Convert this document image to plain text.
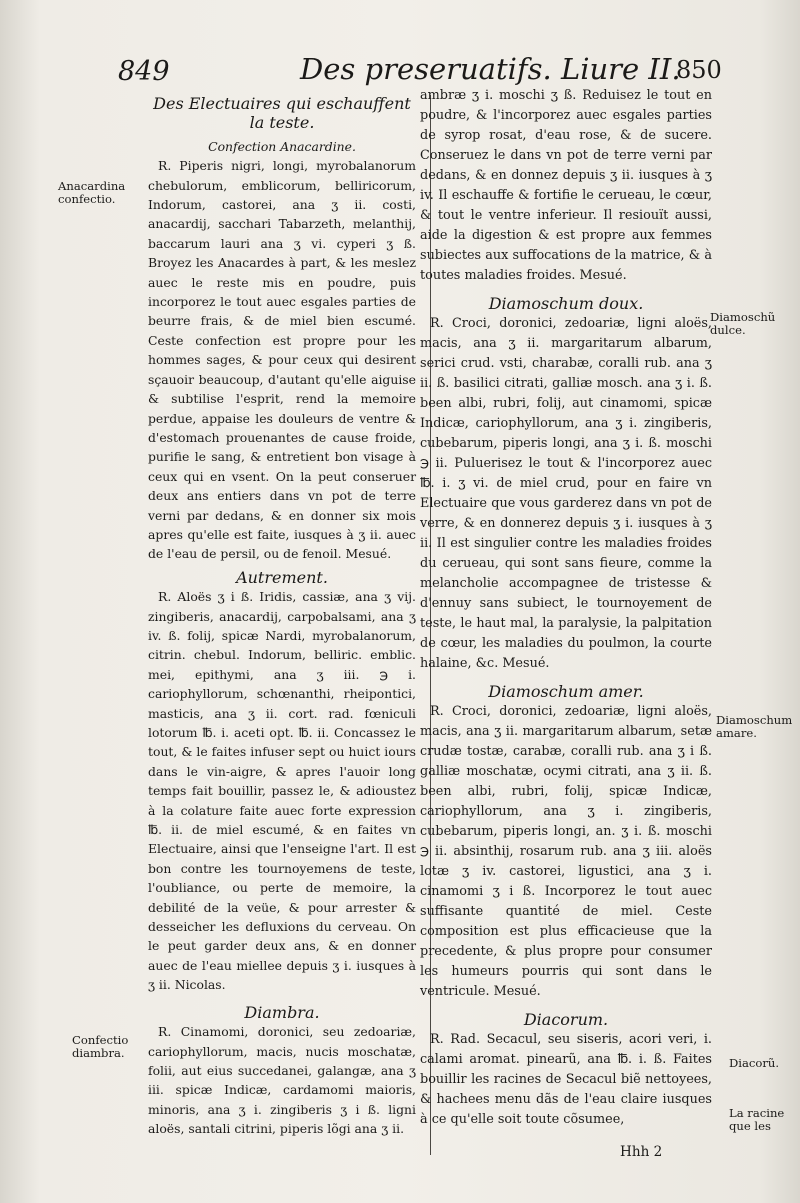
849	Des preseruatifs. Liure II.
850
Des Electuaires qui eschauffent
la teste.
Confection Anacardine.

R. Piperis nigri, longi, myrobalanorum chebulorum, emblicorum, belliricorum, Indorum, castorei, ana ʒ ii. costi, anacardij, sacchari Tabarzeth, melanthij, baccarum lauri ana ʒ vi. cyperi ʒ ß. Broyez les Anacardes à part, & les meslez auec le reste mis en poudre, puis incorporez le tout auec esgales parties de beurre frais, & de miel bien escumé. Ceste confection est propre pour les hommes sages, & pour ceux qui desirent sçauoir beaucoup, d'autant qu'elle aiguise & subtilise l'esprit, rend la memoire perdue, appaise les douleurs de ventre & d'estomach prouenantes de cause froide, purifie le sang, & entretient bon visage à ceux qui en vsent. On la peut conseruer deux ans entiers dans vn pot de terre verni par dedans, & en donner six mois apres qu'elle est faite, iusques à ʒ ii. auec de l'eau de persil, ou de fenoil. Mesué.

Autrement.

R. Aloës ʒ i ß. Iridis, cassiæ, ana ʒ vij. zingiberis, anacardij, carpobalsami, ana ʒ iv. ß. folij, spicæ Nardi, myrobalanorum, citrin. chebul. Indorum, belliric. emblic. mei, epithymi, ana ʒ iii. ℈ i. cariophyllorum, schœnanthi, rheipontici, masticis, ana ʒ ii. cort. rad. fœniculi lotorum ℔. i. aceti opt. ℔. ii. Concassez le tout, & le faites infuser sept ou huict iours dans le vin-aigre, & apres l'auoir long temps fait bouillir, passez le, & adioustez à la colature faite auec forte expression ℔. ii. de miel escumé, & en faites vn Electuaire, ainsi que l'enseigne l'art. Il est bon contre les tournoyemens de teste, l'oubliance, ou perte de memoire, la debilité de la veüe, & pour arrester & desseicher les defluxions du cerveau. On le peut garder deux ans, & en donner auec de l'eau miellee depuis ʒ i. iusques à ʒ ii. Nicolas.

Diambra.

R. Cinamomi, doronici, seu zedoariæ, cariophyllorum, macis, nucis moschatæ, folii, aut eius succedanei, galangæ, ana ʒ iii. spicæ Indicæ, cardamomi maioris, minoris, ana ʒ i. zingiberis ʒ i ß. ligni aloës, santali citrini, piperis lõgi ana ʒ ii.

ambræ ʒ i. moschi ʒ ß. Reduisez le tout en poudre, & l'incorporez auec esgales parties de syrop rosat, d'eau rose, & de sucere. Conseruez le dans vn pot de terre verni par dedans, & en donnez depuis ʒ ii. iusques à ʒ iv. Il eschauffe & fortifie le cerueau, le cœur, & tout le ventre inferieur. Il resiouït aussi, aide la digestion & est propre aux femmes subiectes aux suffocations de la matrice, & à toutes maladies froides. Mesué.

Diamoschum doux.

R. Croci, doronici, zedoariæ, ligni aloës, macis, ana ʒ ii. margaritarum albarum, serici crud. vsti, charabæ, coralli rub. ana ʒ ii. ß. basilici citrati, galliæ mosch. ana ʒ i. ß. been albi, rubri, folij, aut cinamomi, spicæ Indicæ, cariophyllorum, ana ʒ i. zingiberis, cubebarum, piperis longi, ana ʒ i. ß. moschi ℈ ii. Puluerisez le tout & l'incorporez auec ℔. i. ʒ vi. de miel crud, pour en faire vn Electuaire que vous garderez dans vn pot de verre, & en donnerez depuis ʒ i. iusques à ʒ ii. Il est singulier contre les maladies froides du cerueau, qui sont sans fieure, comme la melancholie accompagnee de tristesse & d'ennuy sans subiect, le tournoyement de teste, le haut mal, la paralysie, la palpitation de cœur, les maladies du poulmon, la courte halaine, &c. Mesué.

Diamoschum amer.

R. Croci, doronici, zedoariæ, ligni aloës, macis, ana ʒ ii. margaritarum albarum, setæ crudæ tostæ, carabæ, coralli rub. ana ʒ i ß. galliæ moschatæ, ocymi citrati, ana ʒ ii. ß. been albi, rubri, folij, spicæ Indicæ, cariophyllorum, ana ʒ i. zingiberis, cubebarum, piperis longi, an. ʒ i. ß. moschi ℈ ii. absinthij, rosarum rub. ana ʒ iii. aloës lotæ ʒ iv. castorei, ligustici, ana ʒ i. cinamomi ʒ i ß. Incorporez le tout auec suffisante quantité de miel. Ceste composition est plus efficacieuse que la precedente, & plus propre pour consumer les humeurs pourris qui sont dans le ventricule. Mesué.

Diacorum.

R. Rad. Secacul, seu siseris, acori veri, i. calami aromat. pinearũ, ana ℔. i. ß. Faites bouillir les racines de Secacul biẽ nettoyees, & hachees menu dãs de l'eau claire iusques à ce qu'elle soit toute cõsumee,

Anacardina confectio.
Confectio diambra.
Diamoschũ dulce.
Diamoschum amare.
Diacorũ.
La racine que les
Hhh 2
